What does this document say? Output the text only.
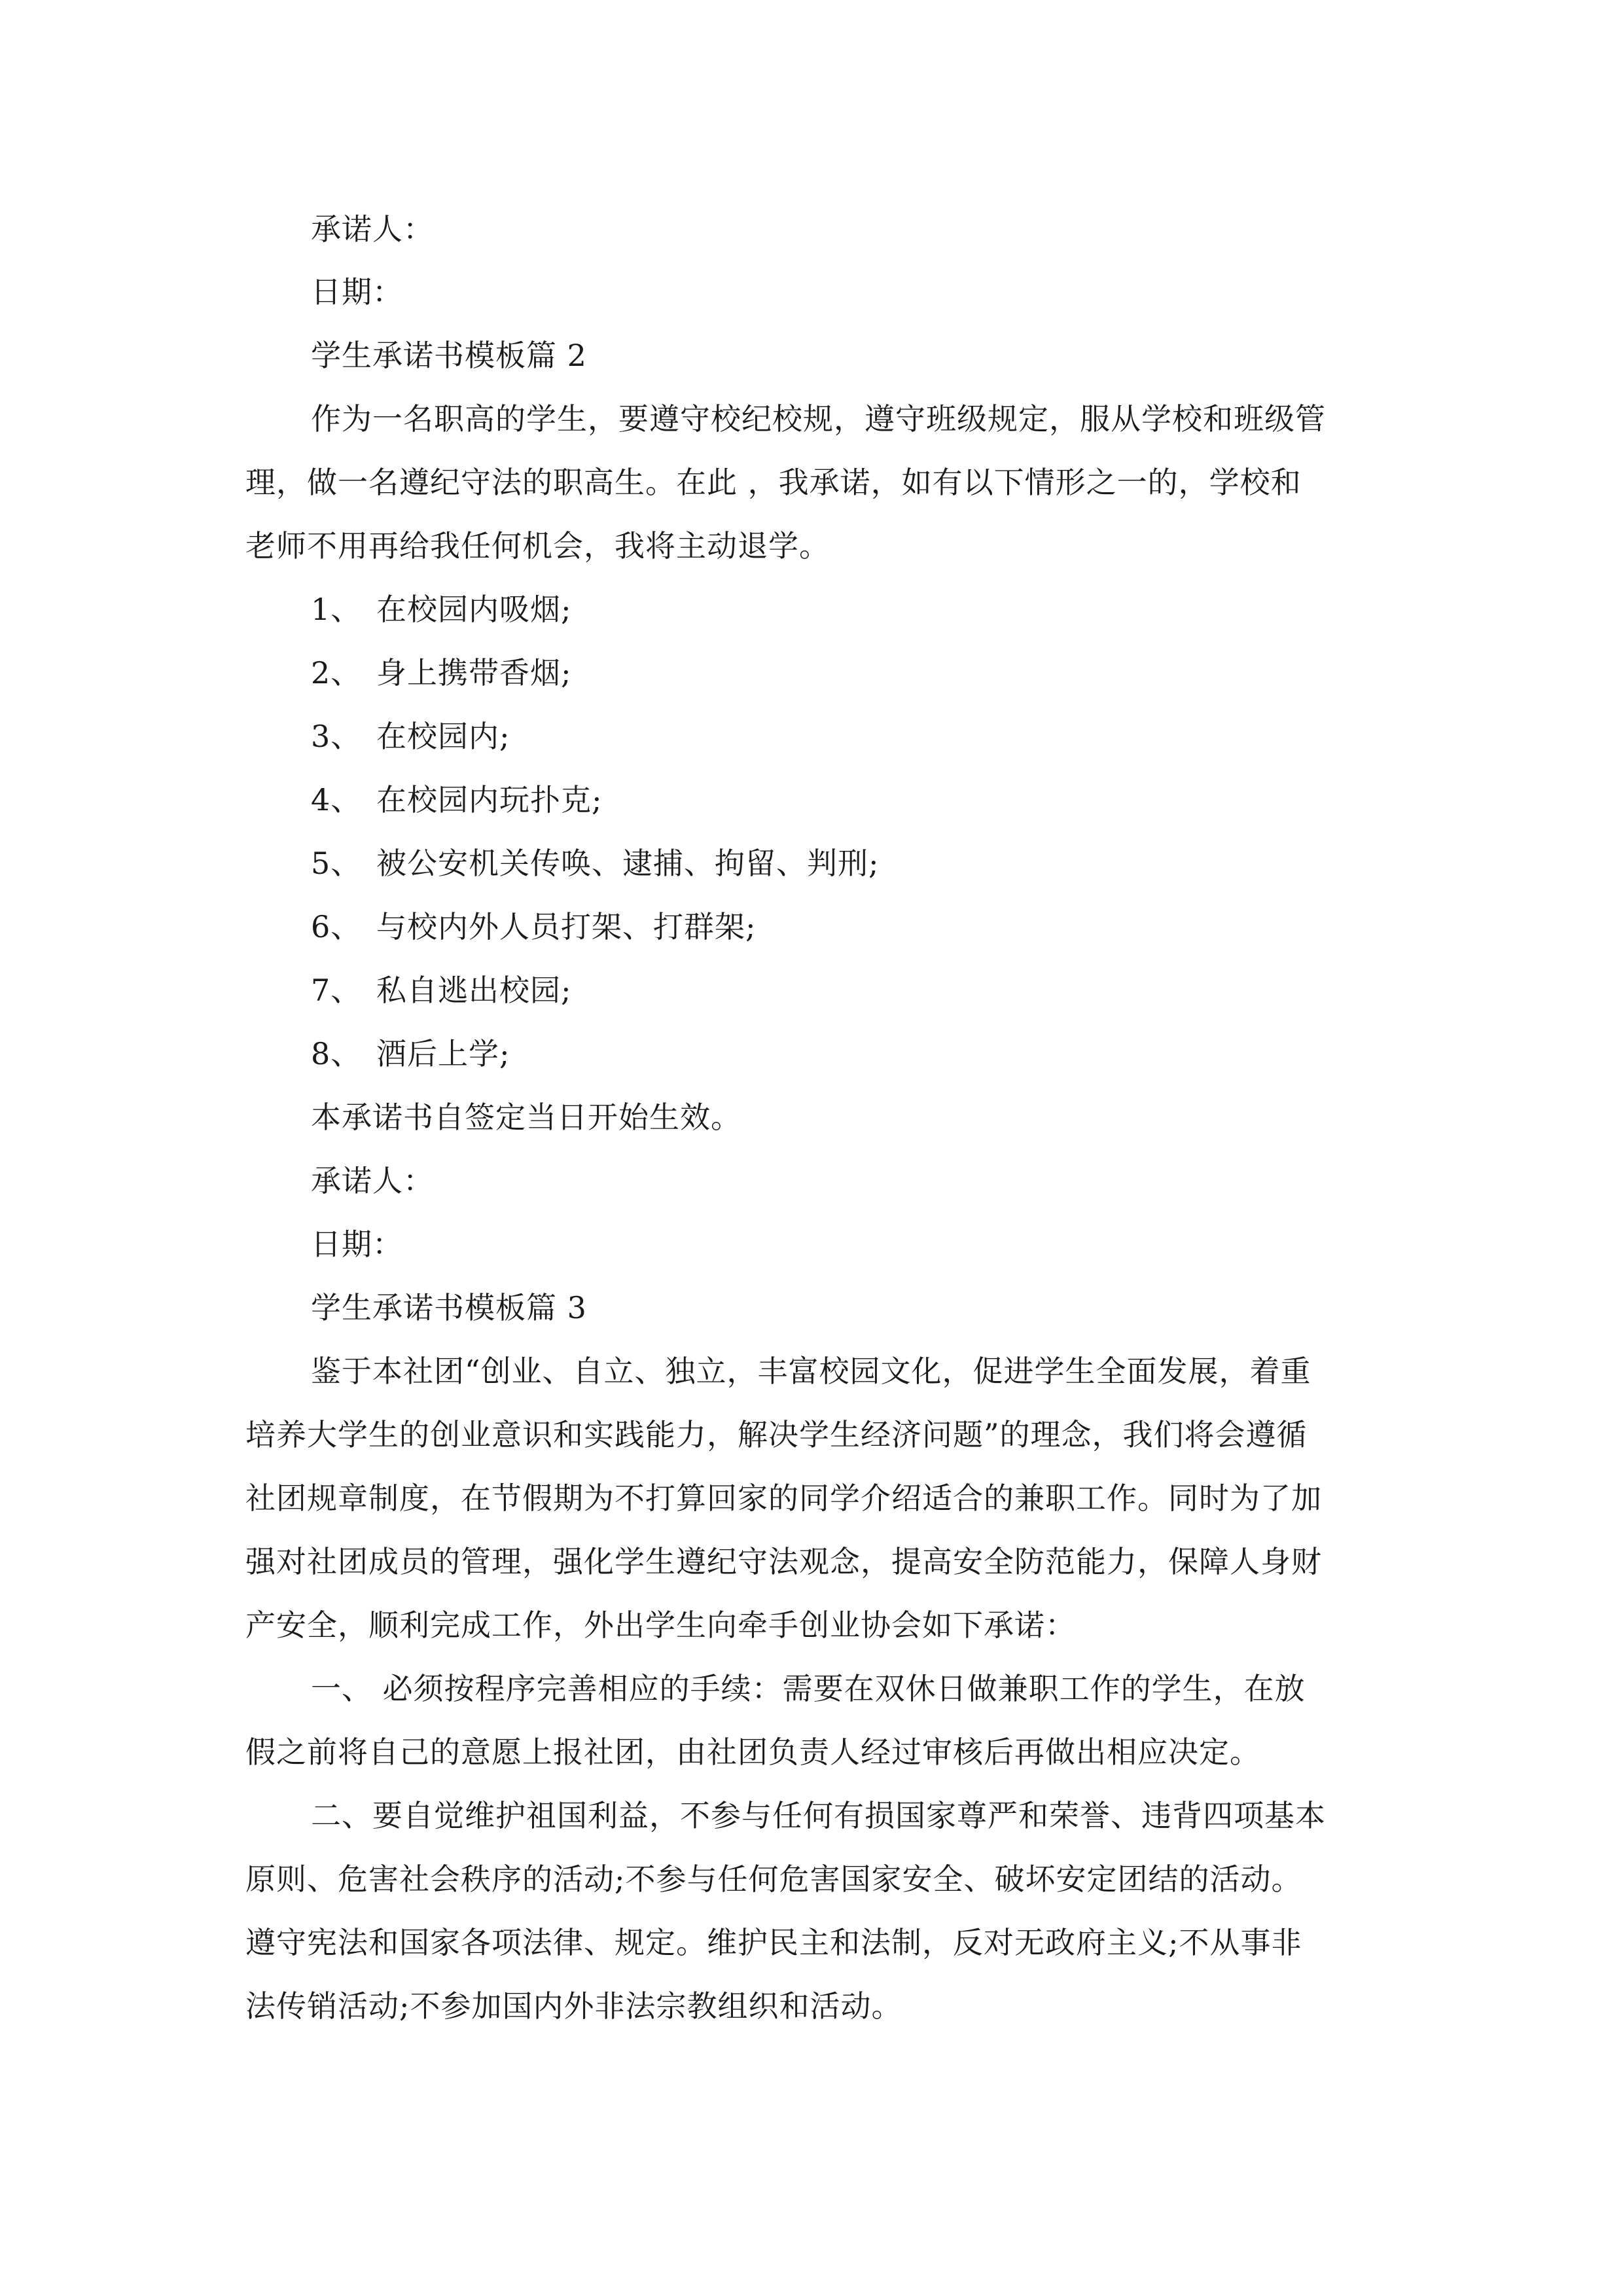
承诺人：
日期：
学生承诺书模板篇 2
作为一名职高的学生，要遵守校纪校规，遵守班级规定，服从学校和班级管
理，做一名遵纪守法的职高生。在此 ，我承诺，如有以下情形之一的，学校和
老师不用再给我任何机会，我将主动退学。
1、 在校园内吸烟;
2、 身上携带香烟;
3、 在校园内;
4、 在校园内玩扑克;
5、 被公安机关传唤、逮捕、拘留、判刑;
6、 与校内外人员打架、打群架;
7、 私自逃出校园;
8、 酒后上学;
本承诺书自签定当日开始生效。
承诺人：
日期：
学生承诺书模板篇 3
鉴于本社团“创业、自立、独立，丰富校园文化，促进学生全面发展，着重
培养大学生的创业意识和实践能力，解决学生经济问题”的理念，我们将会遵循
社团规章制度，在节假期为不打算回家的同学介绍适合的兼职工作。同时为了加
强对社团成员的管理，强化学生遵纪守法观念，提高安全防范能力，保障人身财
产安全，顺利完成工作，外出学生向牵手创业协会如下承诺：
一、 必须按程序完善相应的手续：需要在双休日做兼职工作的学生，在放
假之前将自己的意愿上报社团，由社团负责人经过审核后再做出相应决定。
二、要自觉维护祖国利益，不参与任何有损国家尊严和荣誉、违背四项基本
原则、危害社会秩序的活动;不参与任何危害国家安全、破坏安定团结的活动。
遵守宪法和国家各项法律、规定。维护民主和法制，反对无政府主义;不从事非
法传销活动;不参加国内外非法宗教组织和活动。
